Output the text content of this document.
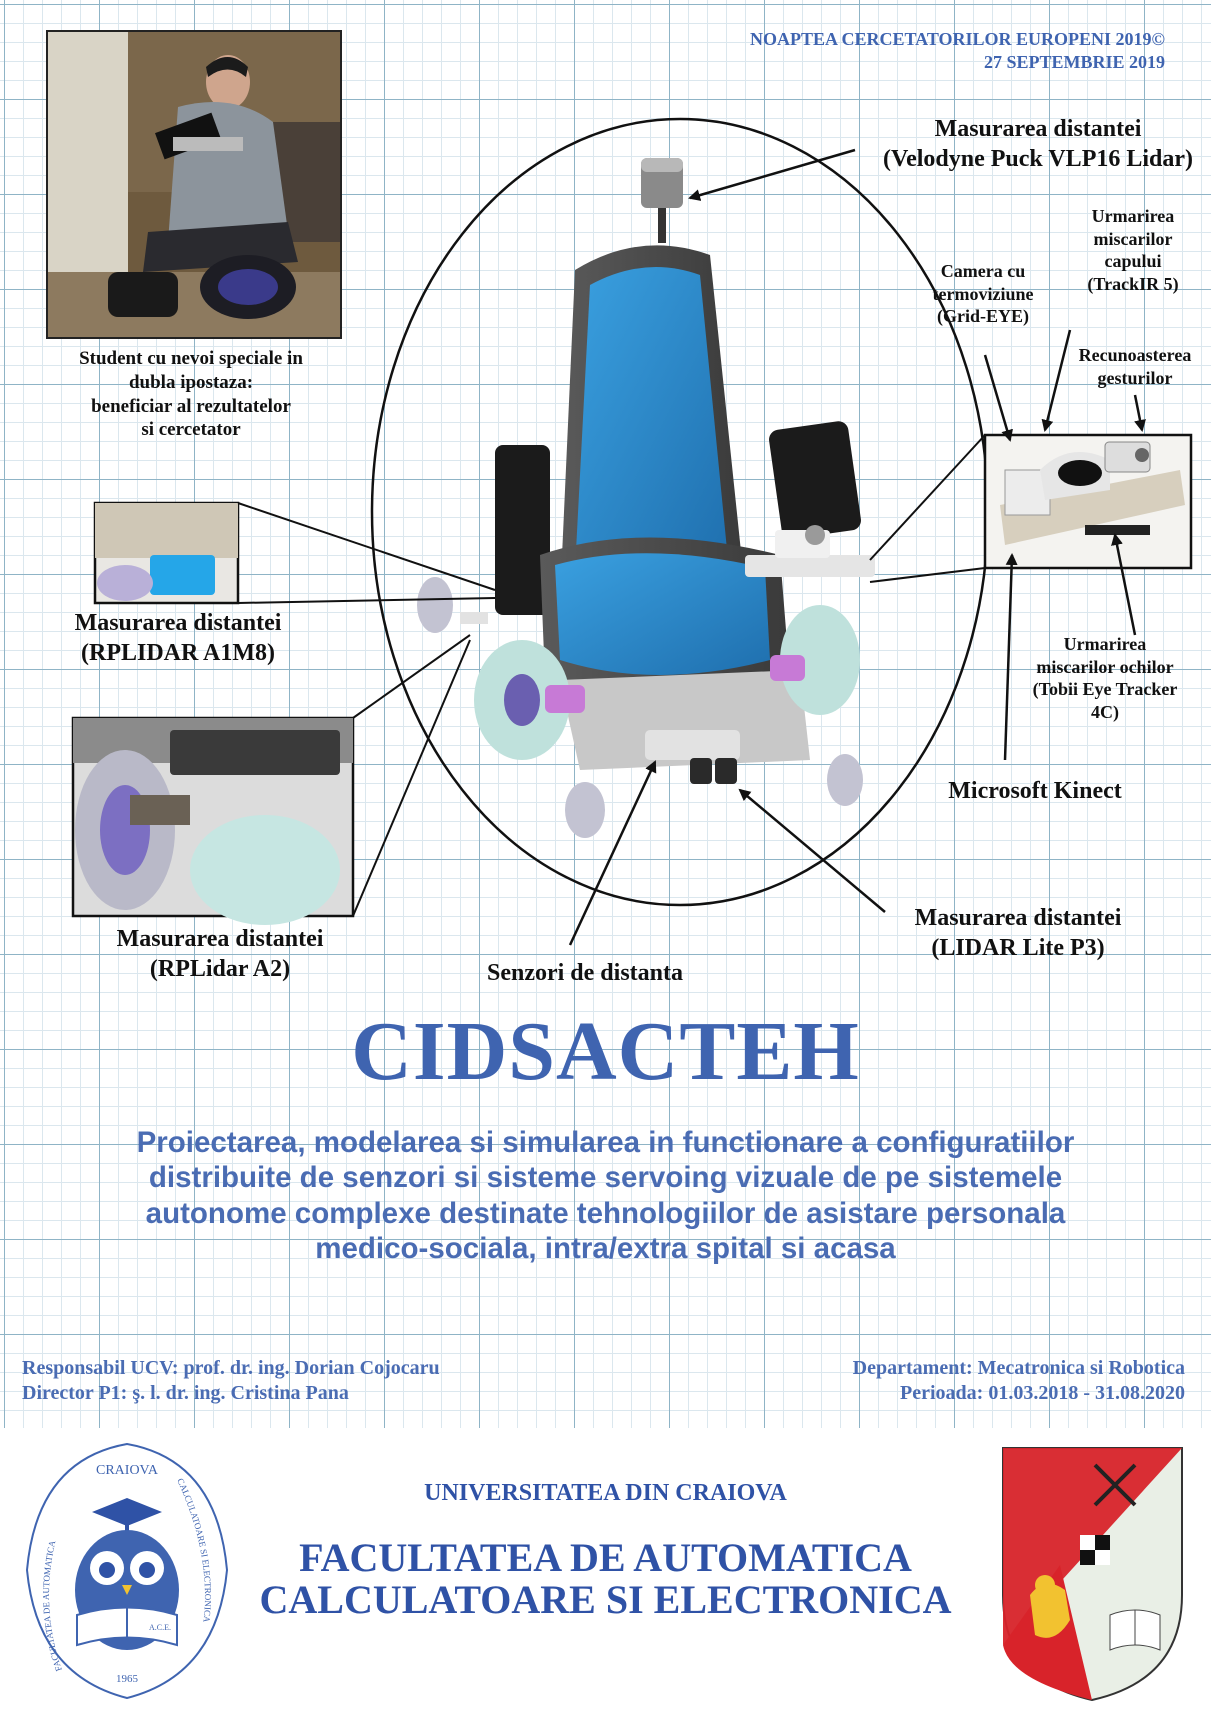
NOAPTEA CERCETATORILOR EUROPENI 2019©
27 SEPTEMBRIE 2019
Student cu nevoi speciale in
dubla ipostaza:
beneficiar al rezultatelor
si cercetator
Masurarea distantei
(Velodyne Puck VLP16 Lidar)
Urmarirea
miscarilor
capului
(TrackIR 5)
Camera cu
termoviziune
(Grid-EYE)
Recunoasterea
gesturilor
Urmarirea
miscarilor ochilor
(Tobii Eye Tracker
4C)
Microsoft Kinect
Masurarea distantei
(RPLIDAR A1M8)
Masurarea distantei
(RPLidar A2)	Senzori de distanta
Masurarea distantei
(LIDAR Lite P3)
CIDSACTEH
Proiectarea, modelarea si simularea in functionare a configuratiilor
distribuite de senzori si sisteme servoing vizuale de pe sistemele
autonome complexe destinate tehnologiilor de asistare personala
medico-sociala, intra/extra spital si acasa
Responsabil UCV: prof. dr. ing. Dorian Cojocaru
Director P1: ş. l. dr. ing. Cristina Pana
Departament: Mecatronica si Robotica
Perioada: 01.03.2018 - 31.08.2020
CRAIOVA
FACULTATEA DE AUTOMATICA
CALCULATOARE SI ELECTRONICA
1965
A.C.E.
UNIVERSITATEA DIN CRAIOVA
FACULTATEA DE AUTOMATICA
CALCULATOARE SI ELECTRONICA
